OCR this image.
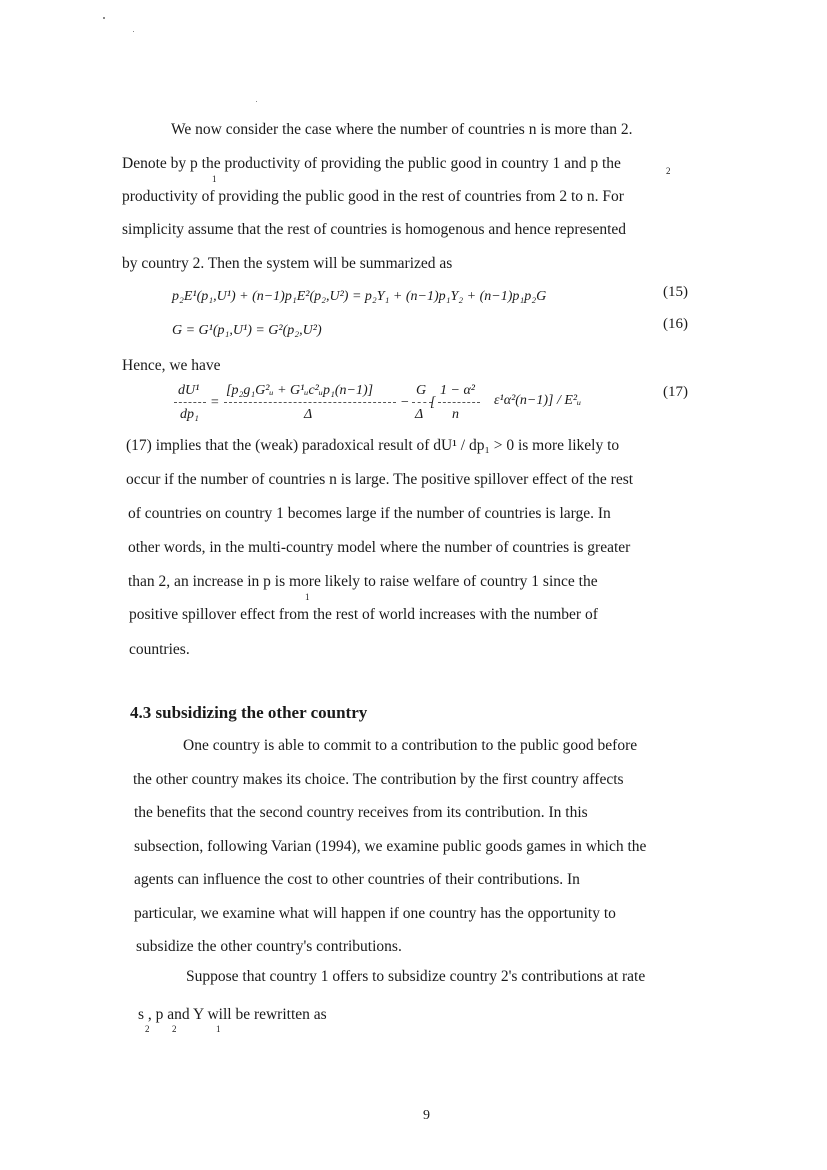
We now consider the case where the number of countries n is more than 2.
Denote by p the productivity of providing the public good in country 1 and p the
1
2
productivity of providing the public good in the rest of countries from 2 to n. For
simplicity assume that the rest of countries is homogenous and hence represented
by country 2. Then the system will be summarized as
p₂E¹(p₁,U¹) + (n−1)p₁E²(p₂,U²) = p₂Y₁ + (n−1)p₁Y₂ + (n−1)p₁p₂G	(15)
G = G¹(p₁,U¹) = G²(p₂,U²)	(16)
Hence, we have
dU¹
dp₁
=
[p₂g₁G²ᵤ + G¹ᵤc²ᵤp₁(n−1)]
Δ
−
G
Δ
[
1 − α²
n
ε¹α²(n−1)] / E²ᵤ
(17)
(17) implies that the (weak) paradoxical result of dU¹ / dp₁ > 0 is more likely to
occur if the number of countries n is large. The positive spillover effect of the rest
of countries on country 1 becomes large if the number of countries is large. In
other words, in the multi-country model where the number of countries is greater
than 2, an increase in p is more likely to raise welfare of country 1 since the
1
positive spillover effect from the rest of world increases with the number of
countries.
4.3 subsidizing the other country
One country is able to commit to a contribution to the public good before
the other country makes its choice. The contribution by the first country affects
the benefits that the second country receives from its contribution. In this
subsection, following Varian (1994), we examine public goods games in which the
agents can influence the cost to other countries of their contributions. In
particular, we examine what will happen if one country has the opportunity to
subsidize the other country's contributions.
Suppose that country 1 offers to subsidize country 2's contributions at rate
s , p and Y will be rewritten as
2	2	1
9
